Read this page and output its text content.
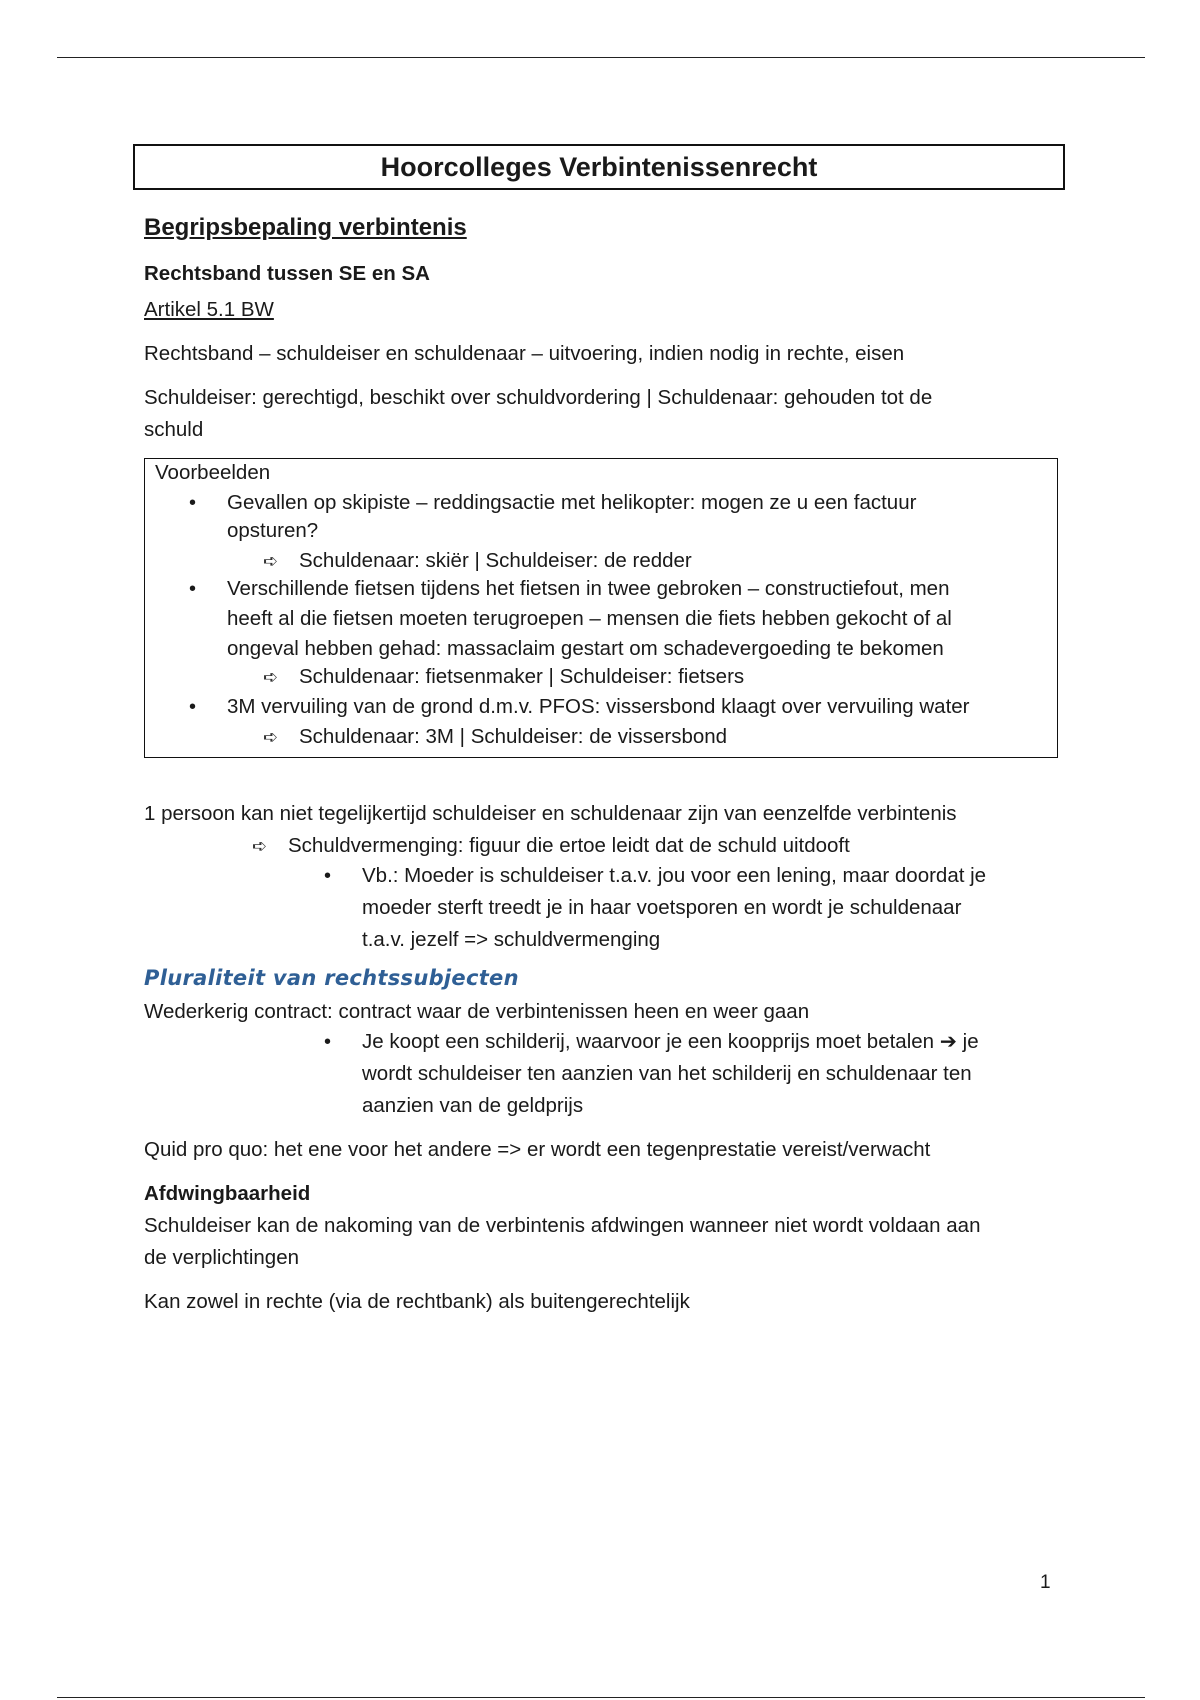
Hoorcolleges Verbintenissenrecht
Begripsbepaling verbintenis
Rechtsband tussen SE en SA
Artikel 5.1 BW
Rechtsband – schuldeiser en schuldenaar – uitvoering, indien nodig in rechte, eisen
Schuldeiser: gerechtigd, beschikt over schuldvordering | Schuldenaar: gehouden tot de
schuld
Voorbeelden
• Gevallen op skipiste – reddingsactie met helikopter: mogen ze u een factuur
opsturen?
➪ Schuldenaar: skiër | Schuldeiser: de redder
• Verschillende fietsen tijdens het fietsen in twee gebroken – constructiefout, men
heeft al die fietsen moeten terugroepen – mensen die fiets hebben gekocht of al
ongeval hebben gehad: massaclaim gestart om schadevergoeding te bekomen
➪ Schuldenaar: fietsenmaker | Schuldeiser: fietsers
• 3M vervuiling van de grond d.m.v. PFOS: vissersbond klaagt over vervuiling water
➪ Schuldenaar: 3M | Schuldeiser: de vissersbond
1 persoon kan niet tegelijkertijd schuldeiser en schuldenaar zijn van eenzelfde verbintenis
➪ Schuldvermenging: figuur die ertoe leidt dat de schuld uitdooft
• Vb.: Moeder is schuldeiser t.a.v. jou voor een lening, maar doordat je
moeder sterft treedt je in haar voetsporen en wordt je schuldenaar
t.a.v. jezelf => schuldvermenging
Pluraliteit van rechtssubjecten
Wederkerig contract: contract waar de verbintenissen heen en weer gaan
• Je koopt een schilderij, waarvoor je een koopprijs moet betalen ➔ je
wordt schuldeiser ten aanzien van het schilderij en schuldenaar ten
aanzien van de geldprijs
Quid pro quo: het ene voor het andere => er wordt een tegenprestatie vereist/verwacht
Afdwingbaarheid
Schuldeiser kan de nakoming van de verbintenis afdwingen wanneer niet wordt voldaan aan
de verplichtingen
Kan zowel in rechte (via de rechtbank) als buitengerechtelijk
1
